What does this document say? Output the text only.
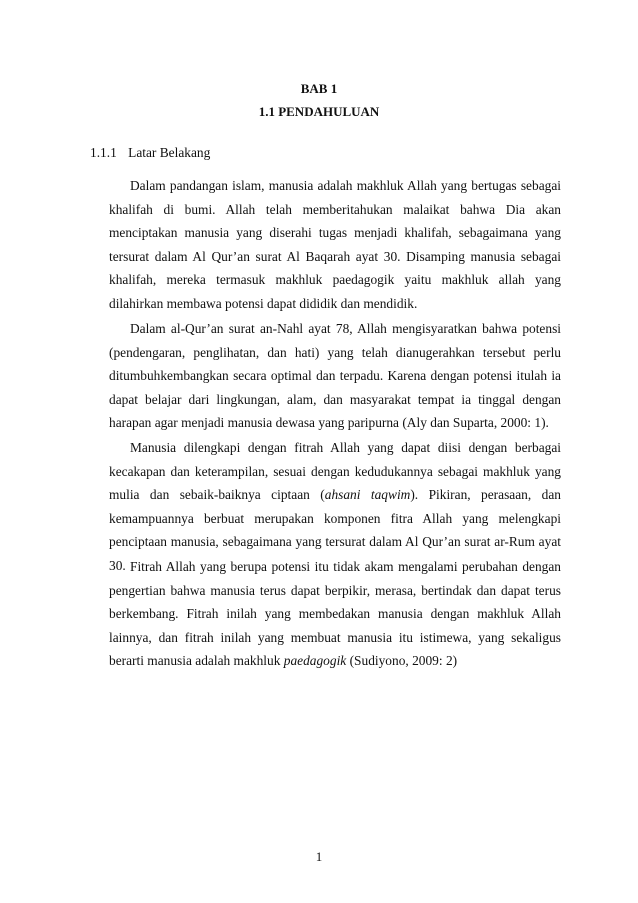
BAB 1
1.1 PENDAHULUAN
1.1.1 Latar Belakang

Dalam pandangan islam, manusia adalah makhluk Allah yang bertugas sebagai khalifah di bumi. Allah telah memberitahukan malaikat bahwa Dia akan menciptakan manusia yang diserahi tugas menjadi khalifah, sebagaimana yang tersurat dalam Al Qur’an surat Al Baqarah ayat 30. Disamping manusia sebagai khalifah, mereka termasuk makhluk paedagogik yaitu makhluk allah yang dilahirkan membawa potensi dapat dididik dan mendidik.

Dalam al-Qur’an surat an-Nahl ayat 78, Allah mengisyaratkan bahwa potensi (pendengaran, penglihatan, dan hati) yang telah dianugerahkan tersebut perlu ditumbuhkembangkan secara optimal dan terpadu. Karena dengan potensi itulah ia dapat belajar dari lingkungan, alam, dan masyarakat tempat ia tinggal dengan harapan agar menjadi manusia dewasa yang paripurna (Aly dan Suparta, 2000: 1).

Manusia dilengkapi dengan fitrah Allah yang dapat diisi dengan berbagai kecakapan dan keterampilan, sesuai dengan kedudukannya sebagai makhluk yang mulia dan sebaik-baiknya ciptaan (ahsani taqwim). Pikiran, perasaan, dan kemampuannya berbuat merupakan komponen fitra Allah yang melengkapi penciptaan manusia, sebagaimana yang tersurat dalam Al Qur’an surat ar-Rum ayat 30. Fitrah Allah yang berupa potensi itu tidak akam mengalami perubahan dengan pengertian bahwa manusia terus dapat berpikir, merasa, bertindak dan dapat terus berkembang. Fitrah inilah yang membedakan manusia dengan makhluk Allah lainnya, dan fitrah inilah yang membuat manusia itu istimewa, yang sekaligus berarti manusia adalah makhluk paedagogik (Sudiyono, 2009: 2)

1
